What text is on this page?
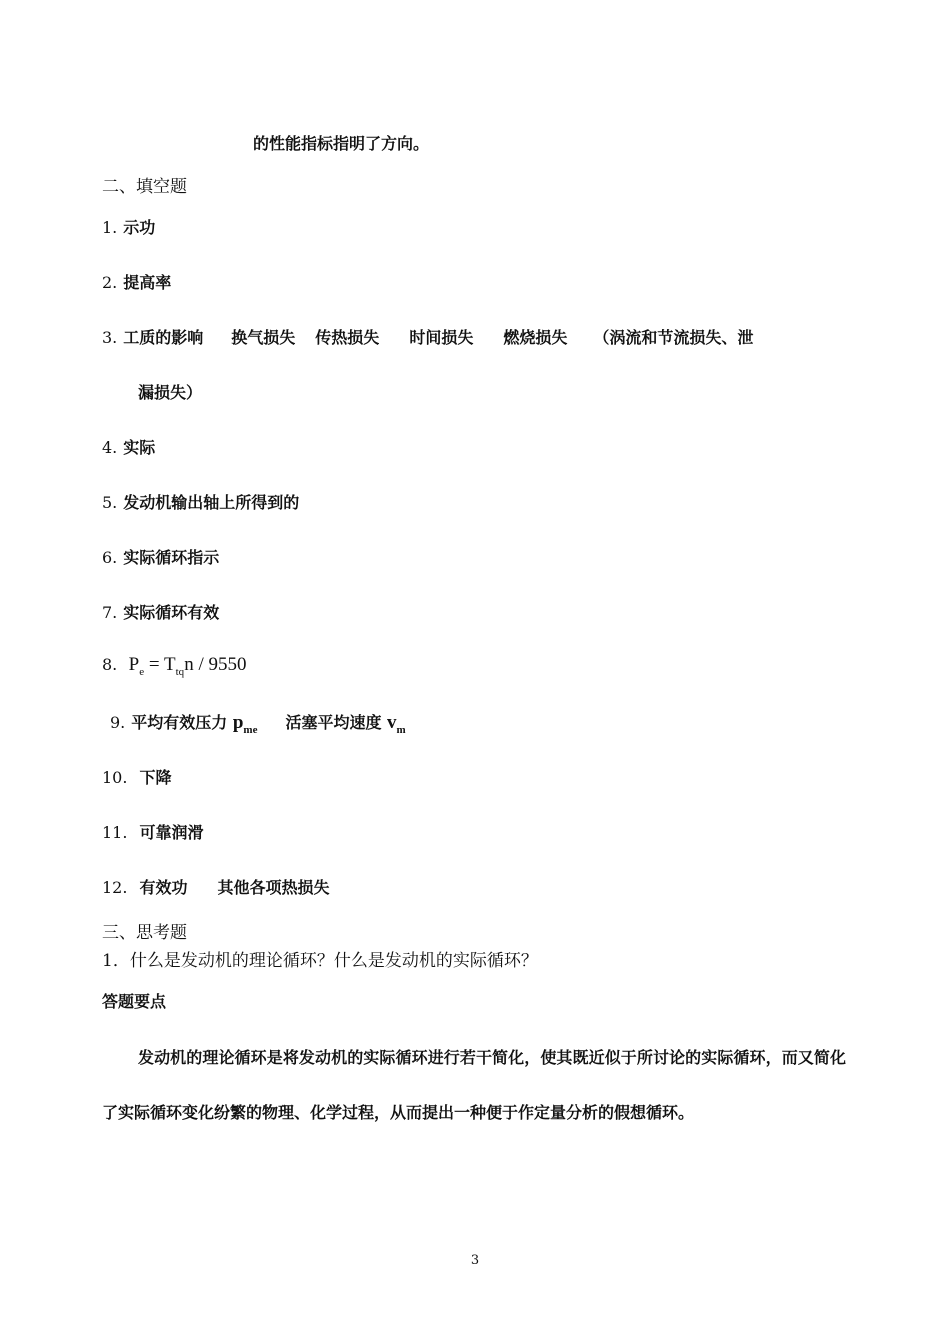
的性能指标指明了方向。
二、填空题
1. 示功
2. 提高率
3. 工质的影响 换气损失 传热损失 时间损失 燃烧损失 （涡流和节流损失、泄
漏损失）
4. 实际
5. 发动机输出轴上所得到的
6. 实际循环指示
7. 实际循环有效
8. $P_e = T_{tq}n / 9550$
9. 平均有效压力 $p_{me}$ 活塞平均速度 $v_m$
10. 下降
11. 可靠润滑
12. 有效功 其他各项热损失
三、思考题
1．什么是发动机的理论循环？什么是发动机的实际循环？
答题要点
发动机的理论循环是将发动机的实际循环进行若干简化，使其既近似于所讨论的实际循环，而又简化了实际循环变化纷繁的物理、化学过程，从而提出一种便于作定量分析的假想循环。
3
